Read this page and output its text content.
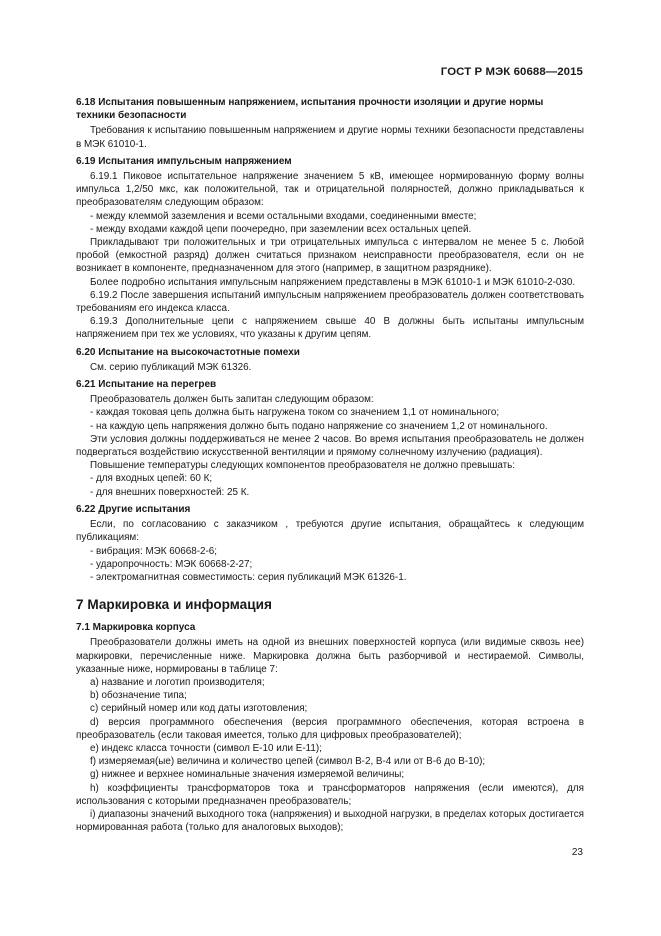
ГОСТ Р МЭК 60688—2015
6.18 Испытания повышенным напряжением, испытания прочности изоляции и другие нормы техники безопасности

Требования к испытанию повышенным напряжением и другие нормы техники безопасности представлены в МЭК 61010-1.

6.19 Испытания импульсным напряжением

6.19.1 Пиковое испытательное напряжение значением 5 кВ, имеющее нормированную форму волны импульса 1,2/50 мкс, как положительной, так и отрицательной полярностей, должно прикладываться к преобразователям следующим образом:

- между клеммой заземления и всеми остальными входами, соединенными вместе;

- между входами каждой цепи поочередно, при заземлении всех остальных цепей.

Прикладывают три положительных и три отрицательных импульса с интервалом не менее 5 с. Любой пробой (емкостной разряд) должен считаться признаком неисправности преобразователя, если он не возникает в компоненте, предназначенном для этого (например, в защитном разряднике).

Более подробно испытания импульсным напряжением представлены в МЭК 61010-1 и МЭК 61010-2-030.

6.19.2 После завершения испытаний импульсным напряжением преобразователь должен соответствовать требованиям его индекса класса.

6.19.3 Дополнительные цепи с напряжением свыше 40 В должны быть испытаны импульсным напряжением при тех же условиях, что указаны к другим цепям.

6.20 Испытание на высокочастотные помехи

См. серию публикаций МЭК 61326.

6.21 Испытание на перегрев

Преобразователь должен быть запитан следующим образом:

- каждая токовая цепь должна быть нагружена током со значением 1,1 от номинального;

- на каждую цепь напряжения должно быть подано напряжение со значением 1,2 от номинального.

Эти условия должны поддерживаться не менее 2 часов. Во время испытания преобразователь не должен подвергаться воздействию искусственной вентиляции и прямому солнечному излучению (радиация).

Повышение температуры следующих компонентов преобразователя не должно превышать:

- для входных цепей: 60 К;

- для внешних поверхностей: 25 К.

6.22 Другие испытания

Если, по согласованию с заказчиком , требуются другие испытания, обращайтесь к следующим публикациям:

- вибрация: МЭК 60668-2-6;

- ударопрочность: МЭК 60668-2-27;

- электромагнитная совместимость: серия публикаций МЭК 61326-1.

7 Маркировка и информация
7.1 Маркировка корпуса

Преобразователи должны иметь на одной из внешних поверхностей корпуса (или видимые сквозь нее) маркировки, перечисленные ниже. Маркировка должна быть разборчивой и нестираемой. Символы, указанные ниже, нормированы в таблице 7:

a) название и логотип производителя;

b) обозначение типа;

c) серийный номер или код даты изготовления;

d) версия программного обеспечения (версия программного обеспечения, которая встроена в преобразователь (если таковая имеется, только для цифровых преобразователей);

e) индекс класса точности (символ E-10 или E-11);

f) измеряемая(ые) величина и количество цепей (символ B-2, B-4 или от B-6 до B-10);

g) нижнее и верхнее номинальные значения измеряемой величины;

h) коэффициенты трансформаторов тока и трансформаторов напряжения (если имеются), для использования с которыми предназначен преобразователь;

i) диапазоны значений выходного тока (напряжения) и выходной нагрузки, в пределах которых достигается нормированная работа (только для аналоговых выходов);

23
